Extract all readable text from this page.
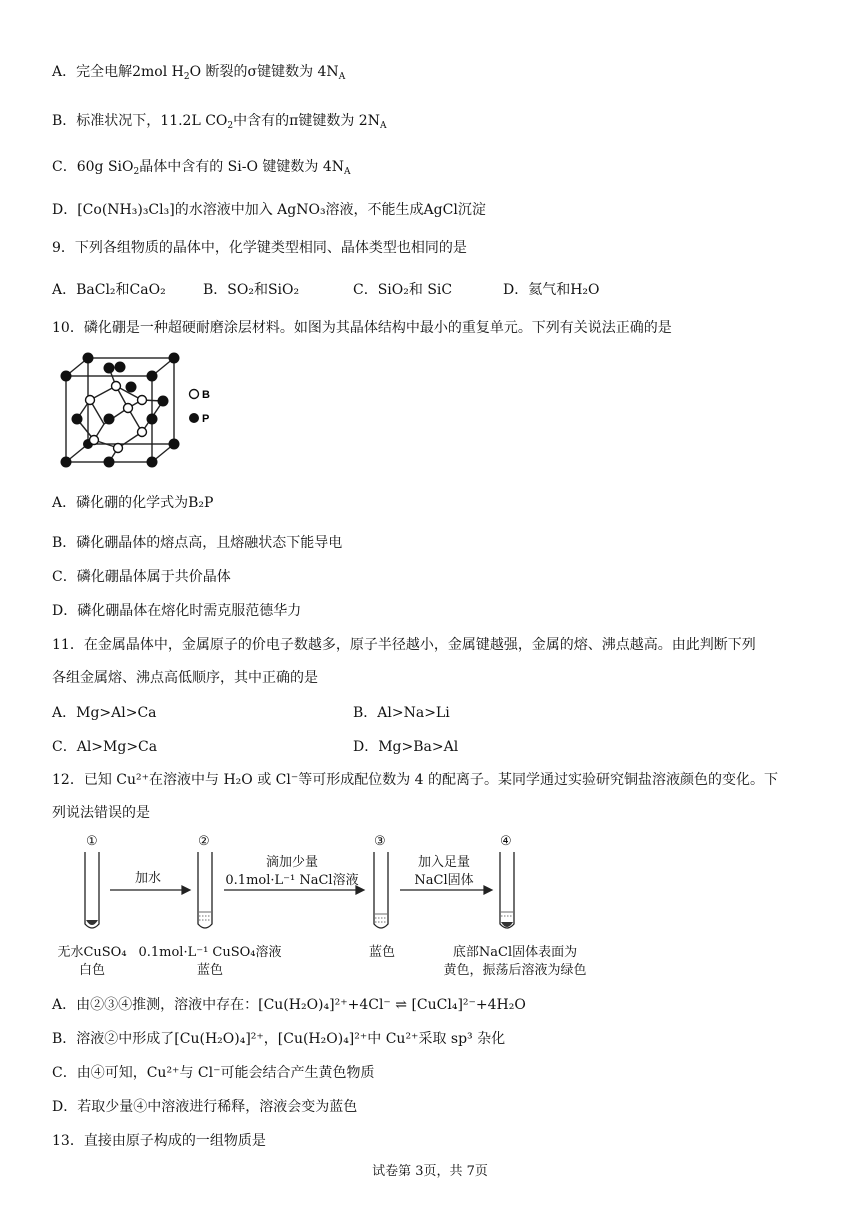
A．完全电解2mol $H_2O$ 断裂的σ键键数为 $4N_A$
B．标准状况下，11.2L $CO_2$中含有的π键键数为 $2N_A$
C．60g SiO$_2$晶体中含有的 Si-O 键键数为 $4N_A$
D．[Co(NH₃)₃Cl₃]的水溶液中加入 AgNO₃溶液，不能生成AgCl沉淀
9．下列各组物质的晶体中，化学键类型相同、晶体类型也相同的是
A．BaCl₂和CaO₂	B．SO₂和SiO₂	C．SiO₂和 SiC	D．氦气和H₂O
10．磷化硼是一种超硬耐磨涂层材料。如图为其晶体结构中最小的重复单元。下列有关说法正确的是
B
P
A．磷化硼的化学式为B₂P
B．磷化硼晶体的熔点高，且熔融状态下能导电
C．磷化硼晶体属于共价晶体
D．磷化硼晶体在熔化时需克服范德华力
11．在金属晶体中，金属原子的价电子数越多，原子半径越小，金属键越强，金属的熔、沸点越高。由此判断下列
各组金属熔、沸点高低顺序，其中正确的是
A．Mg>Al>Ca	B．Al>Na>Li
C．Al>Mg>Ca	D．Mg>Ba>Al
12．已知 Cu²⁺在溶液中与 H₂O 或 Cl⁻等可形成配位数为 4 的配离子。某同学通过实验研究铜盐溶液颜色的变化。下
列说法错误的是
①	②	③	④
加水
滴加少量
0.1mol·L⁻¹ NaCl溶液
加入足量
NaCl固体
无水CuSO₄
白色
0.1mol·L⁻¹ CuSO₄溶液
蓝色
蓝色	底部NaCl固体表面为
黄色，振荡后溶液为绿色
A．由②③④推测，溶液中存在：[Cu(H₂O)₄]²⁺+4Cl⁻ ⇌ [CuCl₄]²⁻+4H₂O
B．溶液②中形成了[Cu(H₂O)₄]²⁺，[Cu(H₂O)₄]²⁺中 Cu²⁺采取 sp³ 杂化
C．由④可知，Cu²⁺与 Cl⁻可能会结合产生黄色物质
D．若取少量④中溶液进行稀释，溶液会变为蓝色
13．直接由原子构成的一组物质是
试卷第 3页，共 7页
